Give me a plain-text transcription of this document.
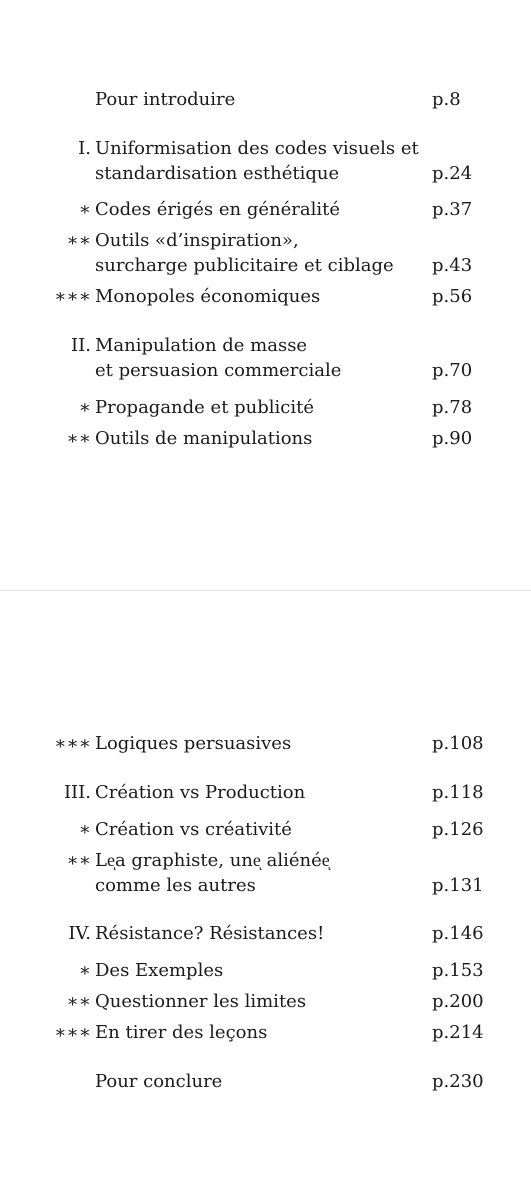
Pour introduire	p.8
I. Uniformisation des codes visuels et
standardisation esthétique	p.24
∗ Codes érigés en généralité	p.37
∗∗ Outils «d’inspiration»,
surcharge publicitaire et ciblage p.43
∗∗∗ Monopoles économiques	p.56
II. Manipulation de masse
et persuasion commerciale	p.70
∗ Propagande et publicité	p.78
∗∗ Outils de manipulations	p.90
∗∗∗ Logiques persuasives	p.108
III. Création vs Production	p.118
∗ Création vs créativité	p.126
∗∗ Leͅa graphiste, uneͅ aliénéeͅ
comme les autres	p.131
IV. Résistance? Résistances!	p.146
∗ Des Exemples	p.153
∗∗ Questionner les limites	p.200
∗∗∗ En tirer des leçons	p.214
Pour conclure	p.230
